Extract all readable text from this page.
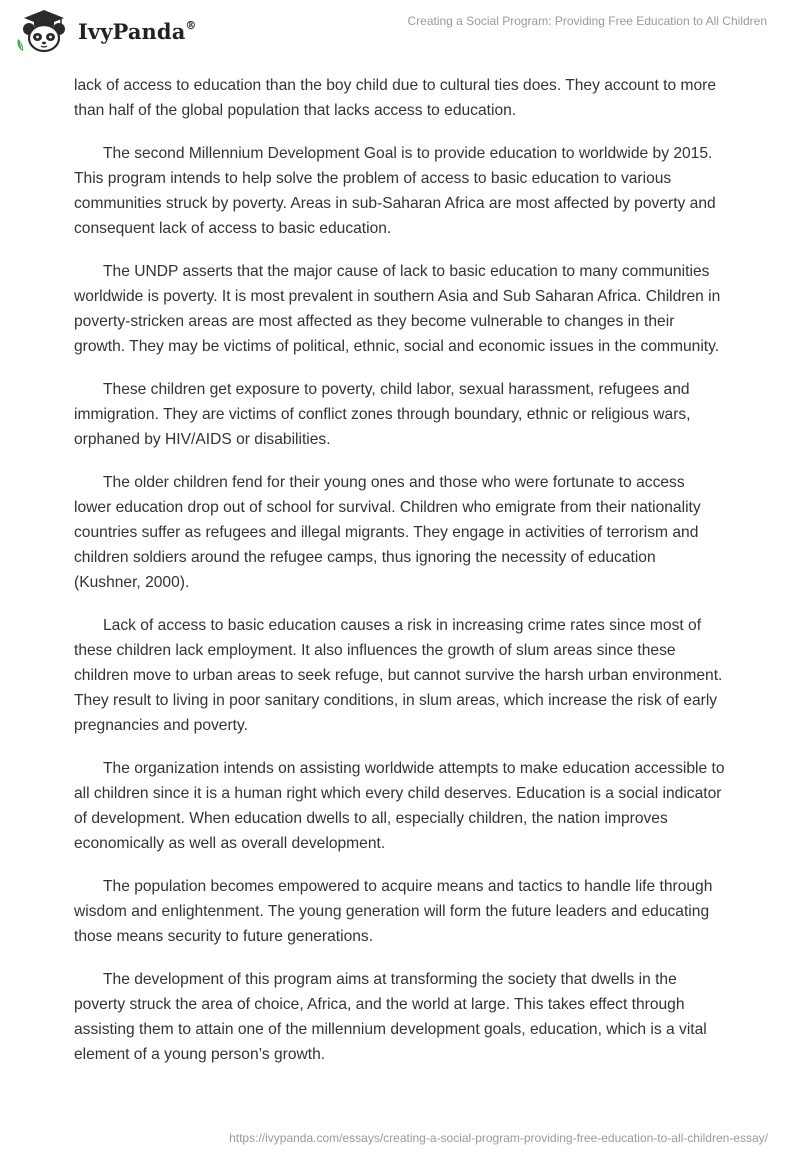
IvyPanda®	Creating a Social Program: Providing Free Education to All Children

lack of access to education than the boy child due to cultural ties does. They account to more than half of the global population that lacks access to education.

The second Millennium Development Goal is to provide education to worldwide by 2015. This program intends to help solve the problem of access to basic education to various communities struck by poverty. Areas in sub-Saharan Africa are most affected by poverty and consequent lack of access to basic education.

The UNDP asserts that the major cause of lack to basic education to many communities worldwide is poverty. It is most prevalent in southern Asia and Sub Saharan Africa. Children in poverty-stricken areas are most affected as they become vulnerable to changes in their growth. They may be victims of political, ethnic, social and economic issues in the community.

These children get exposure to poverty, child labor, sexual harassment, refugees and immigration. They are victims of conflict zones through boundary, ethnic or religious wars, orphaned by HIV/AIDS or disabilities.

The older children fend for their young ones and those who were fortunate to access lower education drop out of school for survival. Children who emigrate from their nationality countries suffer as refugees and illegal migrants. They engage in activities of terrorism and children soldiers around the refugee camps, thus ignoring the necessity of education (Kushner, 2000).

Lack of access to basic education causes a risk in increasing crime rates since most of these children lack employment. It also influences the growth of slum areas since these children move to urban areas to seek refuge, but cannot survive the harsh urban environment. They result to living in poor sanitary conditions, in slum areas, which increase the risk of early pregnancies and poverty.

The organization intends on assisting worldwide attempts to make education accessible to all children since it is a human right which every child deserves. Education is a social indicator of development. When education dwells to all, especially children, the nation improves economically as well as overall development.

The population becomes empowered to acquire means and tactics to handle life through wisdom and enlightenment. The young generation will form the future leaders and educating those means security to future generations.

The development of this program aims at transforming the society that dwells in the poverty struck the area of choice, Africa, and the world at large. This takes effect through assisting them to attain one of the millennium development goals, education, which is a vital element of a young person’s growth.

https://ivypanda.com/essays/creating-a-social-program-providing-free-education-to-all-children-essay/
